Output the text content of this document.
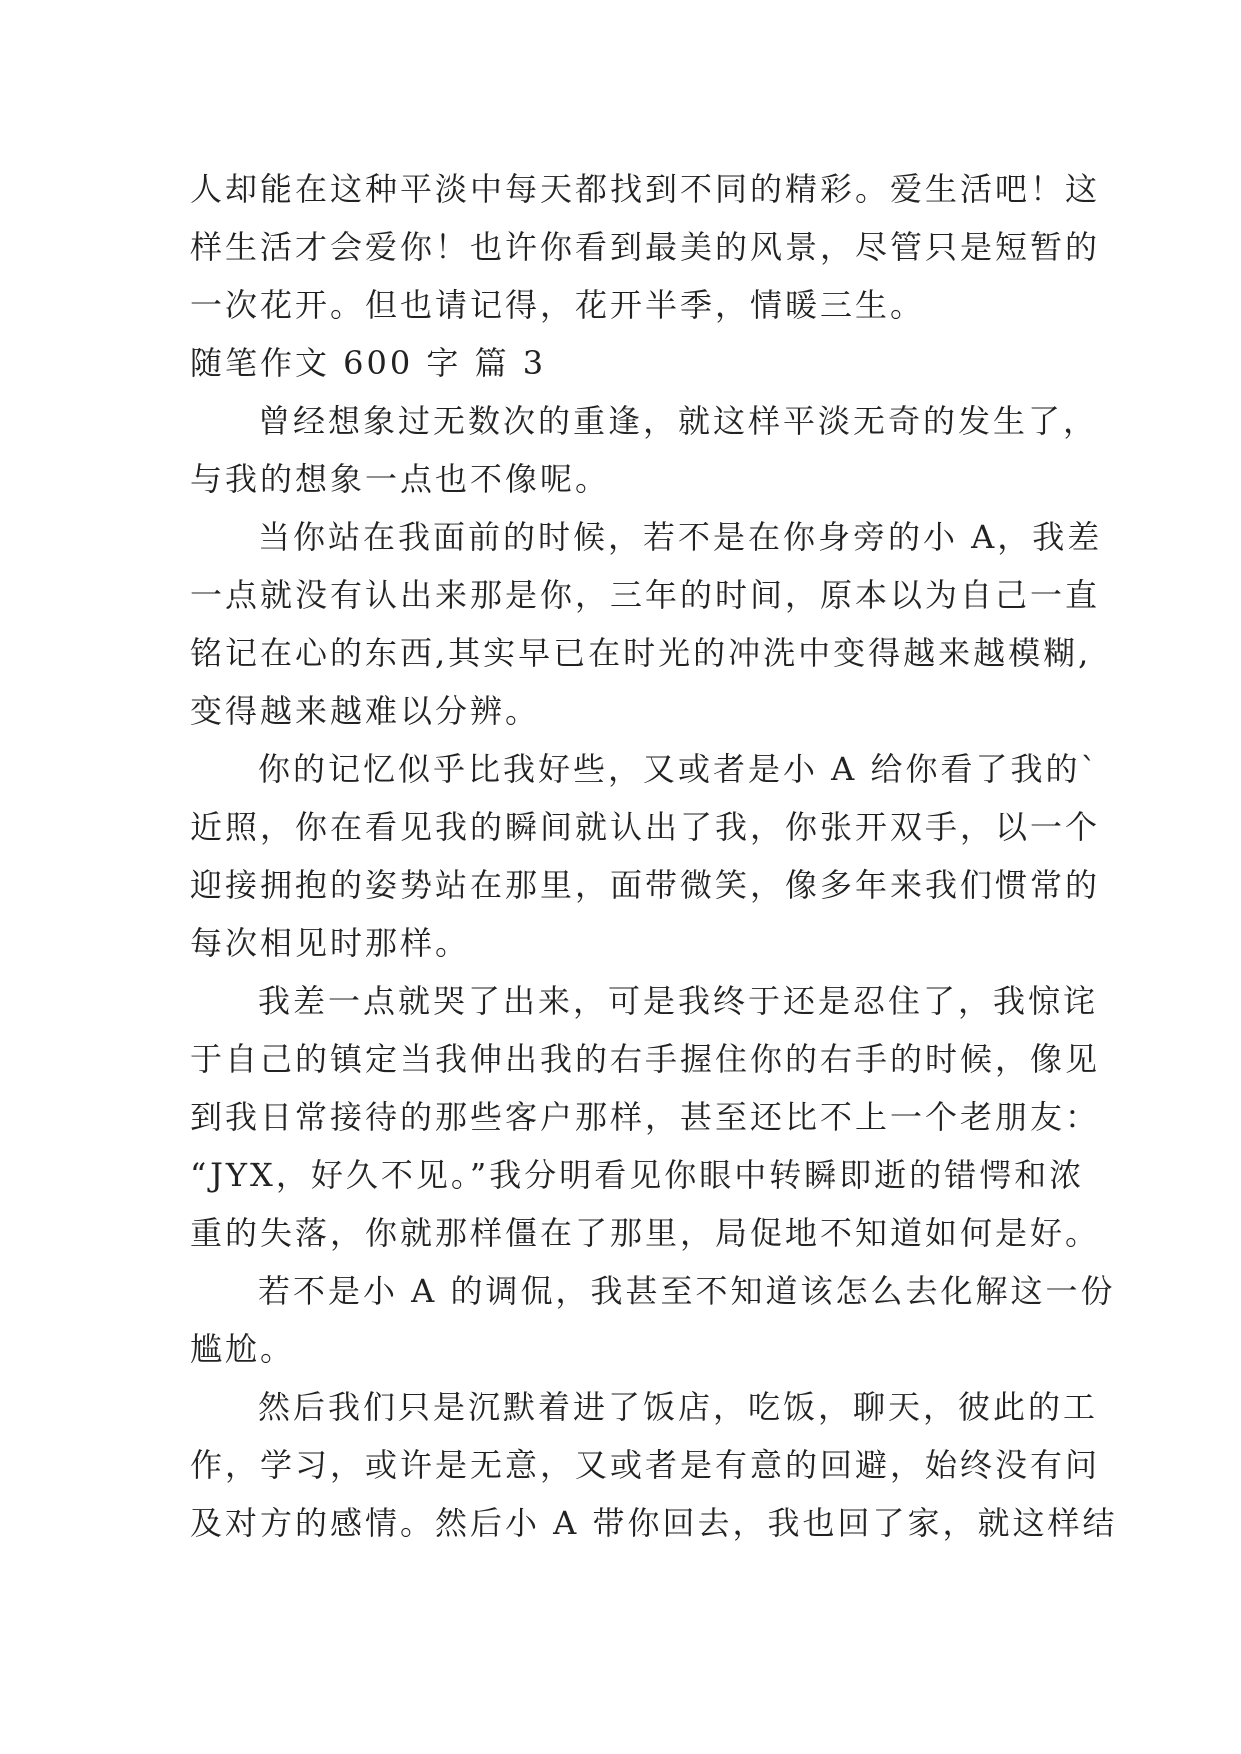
人却能在这种平淡中每天都找到不同的精彩。爱生活吧！这
样生活才会爱你！也许你看到最美的风景，尽管只是短暂的
一次花开。但也请记得，花开半季，情暖三生。
随笔作文 600 字 篇 3
曾经想象过无数次的重逢，就这样平淡无奇的发生了，
与我的想象一点也不像呢。
当你站在我面前的时候，若不是在你身旁的小 A，我差
一点就没有认出来那是你，三年的时间，原本以为自己一直
铭记在心的东西,其实早已在时光的冲洗中变得越来越模糊,
变得越来越难以分辨。
你的记忆似乎比我好些，又或者是小 A 给你看了我的`
近照，你在看见我的瞬间就认出了我，你张开双手，以一个
迎接拥抱的姿势站在那里，面带微笑，像多年来我们惯常的
每次相见时那样。
我差一点就哭了出来，可是我终于还是忍住了，我惊诧
于自己的镇定当我伸出我的右手握住你的右手的时候，像见
到我日常接待的那些客户那样，甚至还比不上一个老朋友：
“JYX，好久不见。”我分明看见你眼中转瞬即逝的错愕和浓
重的失落，你就那样僵在了那里，局促地不知道如何是好。
若不是小 A 的调侃，我甚至不知道该怎么去化解这一份
尴尬。
然后我们只是沉默着进了饭店，吃饭，聊天，彼此的工
作，学习，或许是无意，又或者是有意的回避，始终没有问
及对方的感情。然后小 A 带你回去，我也回了家，就这样结
